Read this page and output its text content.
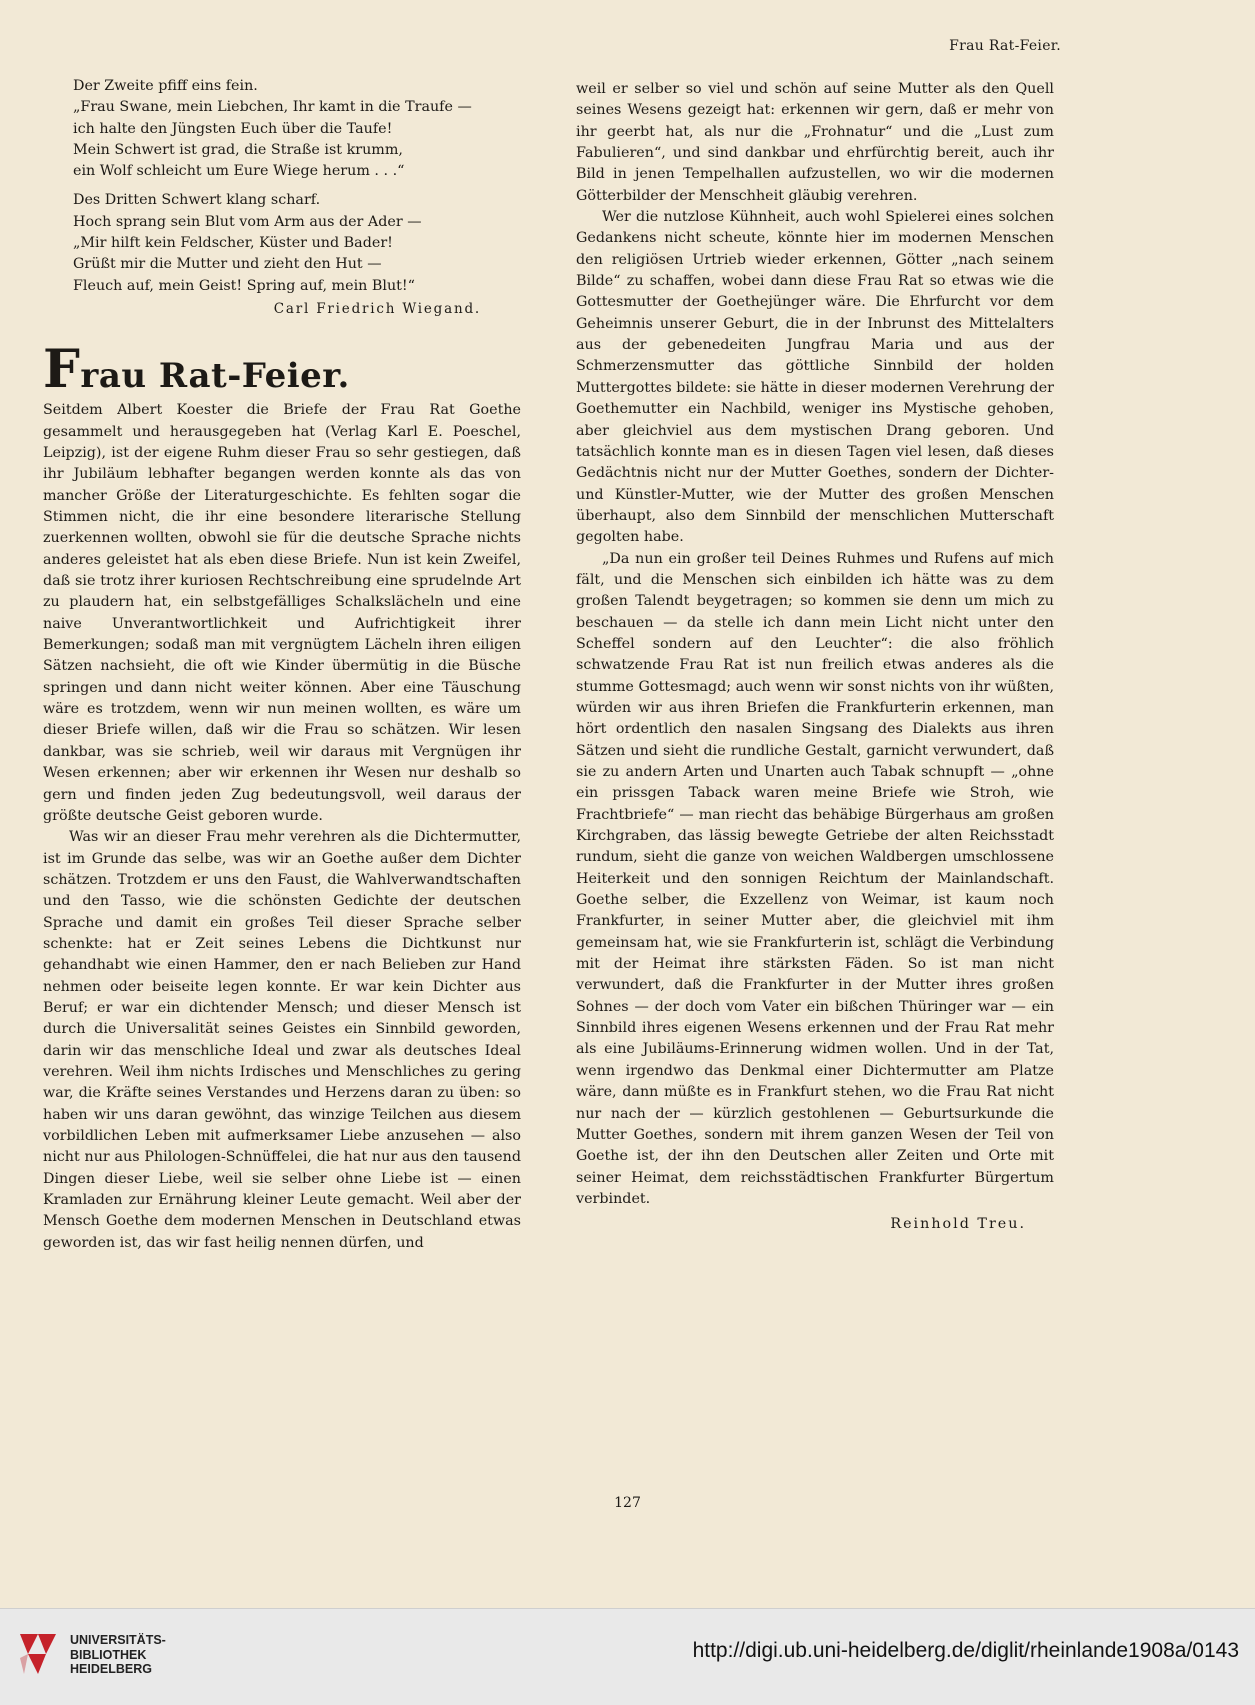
Frau Rat-Feier.
Der Zweite pfiff eins fein.
„Frau Swane, mein Liebchen, Ihr kamt in die Traufe —
ich halte den Jüngsten Euch über die Taufe!
Mein Schwert ist grad, die Straße ist krumm,
ein Wolf schleicht um Eure Wiege herum . . .“
Des Dritten Schwert klang scharf.
Hoch sprang sein Blut vom Arm aus der Ader —
„Mir hilft kein Feldscher, Küster und Bader!
Grüßt mir die Mutter und zieht den Hut —
Fleuch auf, mein Geist! Spring auf, mein Blut!“
Carl Friedrich Wiegand.
Frau Rat-Feier.

Seitdem Albert Koester die Briefe der Frau Rat Goethe gesammelt und herausgegeben hat (Verlag Karl E. Poeschel, Leipzig), ist der eigene Ruhm dieser Frau so sehr gestiegen, daß ihr Jubiläum lebhafter begangen werden konnte als das von mancher Größe der Literaturgeschichte. Es fehlten sogar die Stimmen nicht, die ihr eine besondere literarische Stellung zuerkennen wollten, obwohl sie für die deutsche Sprache nichts anderes geleistet hat als eben diese Briefe. Nun ist kein Zweifel, daß sie trotz ihrer kuriosen Rechtschreibung eine sprudelnde Art zu plaudern hat, ein selbstgefälliges Schalkslächeln und eine naive Unverantwortlichkeit und Aufrichtigkeit ihrer Bemerkungen; sodaß man mit vergnügtem Lächeln ihren eiligen Sätzen nachsieht, die oft wie Kinder übermütig in die Büsche springen und dann nicht weiter können. Aber eine Täuschung wäre es trotzdem, wenn wir nun meinen wollten, es wäre um dieser Briefe willen, daß wir die Frau so schätzen. Wir lesen dankbar, was sie schrieb, weil wir daraus mit Vergnügen ihr Wesen erkennen; aber wir erkennen ihr Wesen nur deshalb so gern und finden jeden Zug bedeutungsvoll, weil daraus der größte deutsche Geist geboren wurde.

Was wir an dieser Frau mehr verehren als die Dichtermutter, ist im Grunde das selbe, was wir an Goethe außer dem Dichter schätzen. Trotzdem er uns den Faust, die Wahlverwandtschaften und den Tasso, wie die schönsten Gedichte der deutschen Sprache und damit ein großes Teil dieser Sprache selber schenkte: hat er Zeit seines Lebens die Dichtkunst nur gehandhabt wie einen Hammer, den er nach Belieben zur Hand nehmen oder beiseite legen konnte. Er war kein Dichter aus Beruf; er war ein dichtender Mensch; und dieser Mensch ist durch die Universalität seines Geistes ein Sinnbild geworden, darin wir das menschliche Ideal und zwar als deutsches Ideal verehren. Weil ihm nichts Irdisches und Menschliches zu gering war, die Kräfte seines Verstandes und Herzens daran zu üben: so haben wir uns daran gewöhnt, das winzige Teilchen aus diesem vorbildlichen Leben mit aufmerksamer Liebe anzusehen — also nicht nur aus Philologen-Schnüffelei, die hat nur aus den tausend Dingen dieser Liebe, weil sie selber ohne Liebe ist — einen Kramladen zur Ernährung kleiner Leute gemacht. Weil aber der Mensch Goethe dem modernen Menschen in Deutschland etwas geworden ist, das wir fast heilig nennen dürfen, und

weil er selber so viel und schön auf seine Mutter als den Quell seines Wesens gezeigt hat: erkennen wir gern, daß er mehr von ihr geerbt hat, als nur die „Frohnatur“ und die „Lust zum Fabulieren“, und sind dankbar und ehrfürchtig bereit, auch ihr Bild in jenen Tempelhallen aufzustellen, wo wir die modernen Götterbilder der Menschheit gläubig verehren.

Wer die nutzlose Kühnheit, auch wohl Spielerei eines solchen Gedankens nicht scheute, könnte hier im modernen Menschen den religiösen Urtrieb wieder erkennen, Götter „nach seinem Bilde“ zu schaffen, wobei dann diese Frau Rat so etwas wie die Gottesmutter der Goethejünger wäre. Die Ehrfurcht vor dem Geheimnis unserer Geburt, die in der Inbrunst des Mittelalters aus der gebenedeiten Jungfrau Maria und aus der Schmerzensmutter das göttliche Sinnbild der holden Muttergottes bildete: sie hätte in dieser modernen Verehrung der Goethemutter ein Nachbild, weniger ins Mystische gehoben, aber gleichviel aus dem mystischen Drang geboren. Und tatsächlich konnte man es in diesen Tagen viel lesen, daß dieses Gedächtnis nicht nur der Mutter Goethes, sondern der Dichter- und Künstler-Mutter, wie der Mutter des großen Menschen überhaupt, also dem Sinnbild der menschlichen Mutterschaft gegolten habe.

„Da nun ein großer teil Deines Ruhmes und Rufens auf mich fält, und die Menschen sich einbilden ich hätte was zu dem großen Talendt beygetragen; so kommen sie denn um mich zu beschauen — da stelle ich dann mein Licht nicht unter den Scheffel sondern auf den Leuchter“: die also fröhlich schwatzende Frau Rat ist nun freilich etwas anderes als die stumme Gottesmagd; auch wenn wir sonst nichts von ihr wüßten, würden wir aus ihren Briefen die Frankfurterin erkennen, man hört ordentlich den nasalen Singsang des Dialekts aus ihren Sätzen und sieht die rundliche Gestalt, garnicht verwundert, daß sie zu andern Arten und Unarten auch Tabak schnupft — „ohne ein prissgen Taback waren meine Briefe wie Stroh, wie Frachtbriefe“ — man riecht das behäbige Bürgerhaus am großen Kirchgraben, das lässig bewegte Getriebe der alten Reichsstadt rundum, sieht die ganze von weichen Waldbergen umschlossene Heiterkeit und den sonnigen Reichtum der Mainlandschaft. Goethe selber, die Exzellenz von Weimar, ist kaum noch Frankfurter, in seiner Mutter aber, die gleichviel mit ihm gemeinsam hat, wie sie Frankfurterin ist, schlägt die Verbindung mit der Heimat ihre stärksten Fäden. So ist man nicht verwundert, daß die Frankfurter in der Mutter ihres großen Sohnes — der doch vom Vater ein bißchen Thüringer war — ein Sinnbild ihres eigenen Wesens erkennen und der Frau Rat mehr als eine Jubiläums-Erinnerung widmen wollen. Und in der Tat, wenn irgendwo das Denkmal einer Dichtermutter am Platze wäre, dann müßte es in Frankfurt stehen, wo die Frau Rat nicht nur nach der — kürzlich gestohlenen — Geburtsurkunde die Mutter Goethes, sondern mit ihrem ganzen Wesen der Teil von Goethe ist, der ihn den Deutschen aller Zeiten und Orte mit seiner Heimat, dem reichsstädtischen Frankfurter Bürgertum verbindet.

Reinhold Treu.
127
UNIVERSITÄTS-
BIBLIOTHEK
HEIDELBERG
http://digi.ub.uni-heidelberg.de/diglit/rheinlande1908a/0143
